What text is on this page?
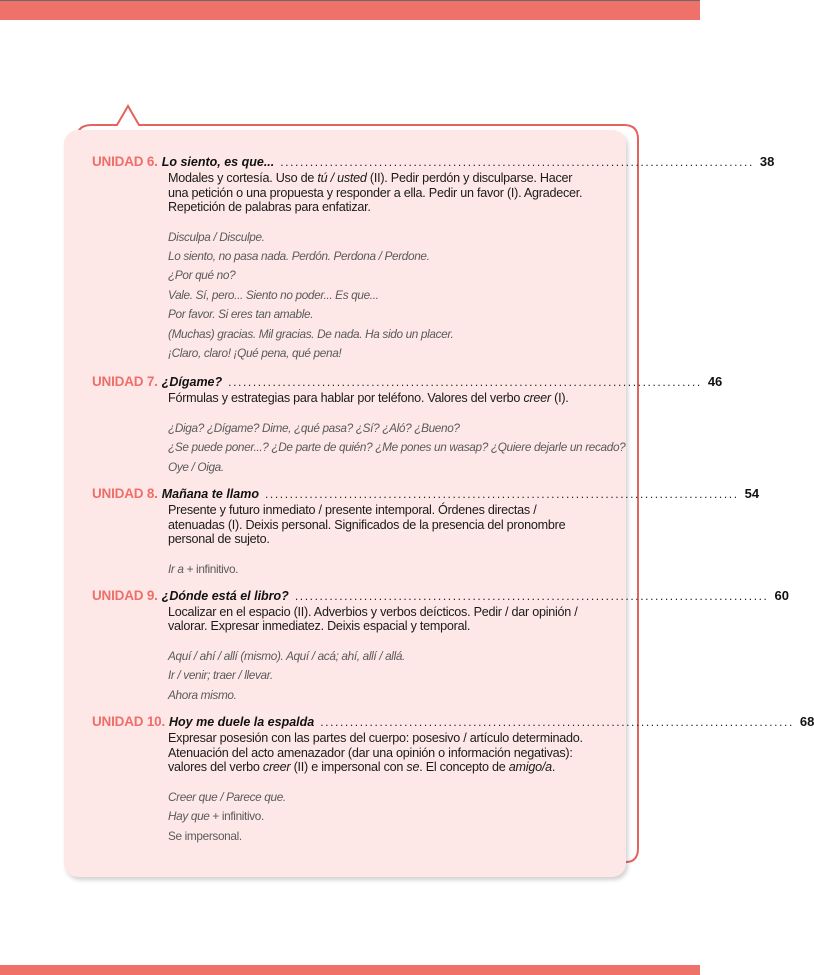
UNIDAD 6. Lo siento, es que... ................................................................................................ 38
Modales y cortesía. Uso de tú / usted (II). Pedir perdón y disculparse. Hacer una petición o una propuesta y responder a ella. Pedir un favor (I). Agradecer. Repetición de palabras para enfatizar.
Disculpa / Disculpe.
Lo siento, no pasa nada. Perdón. Perdona / Perdone.
¿Por qué no?
Vale. Sí, pero... Siento no poder... Es que...
Por favor. Si eres tan amable.
(Muchas) gracias. Mil gracias. De nada. Ha sido un placer.
¡Claro, claro! ¡Qué pena, qué pena!
UNIDAD 7. ¿Dígame? ................................................................................................ 46
Fórmulas y estrategias para hablar por teléfono. Valores del verbo creer (I).
¿Diga? ¿Dígame? Dime, ¿qué pasa? ¿Sí? ¿Aló? ¿Bueno?
¿Se puede poner...? ¿De parte de quién? ¿Me pones un wasap? ¿Quiere dejarle un recado?
Oye / Oiga.
UNIDAD 8. Mañana te llamo ................................................................................................ 54
Presente y futuro inmediato / presente intemporal. Órdenes directas / atenuadas (I). Deixis personal. Significados de la presencia del pronombre personal de sujeto.
Ir a + infinitivo.
UNIDAD 9. ¿Dónde está el libro? ................................................................................................ 60
Localizar en el espacio (II). Adverbios y verbos deícticos. Pedir / dar opinión / valorar. Expresar inmediatez. Deixis espacial y temporal.
Aquí / ahí / allí (mismo). Aquí / acá; ahí, allí / allá.
Ir / venir; traer / llevar.
Ahora mismo.
UNIDAD 10. Hoy me duele la espalda ................................................................................................ 68
Expresar posesión con las partes del cuerpo: posesivo / artículo determinado. Atenuación del acto amenazador (dar una opinión o información negativas): valores del verbo creer (II) e impersonal con se. El concepto de amigo/a.
Creer que / Parece que.
Hay que + infinitivo.
Se impersonal.
